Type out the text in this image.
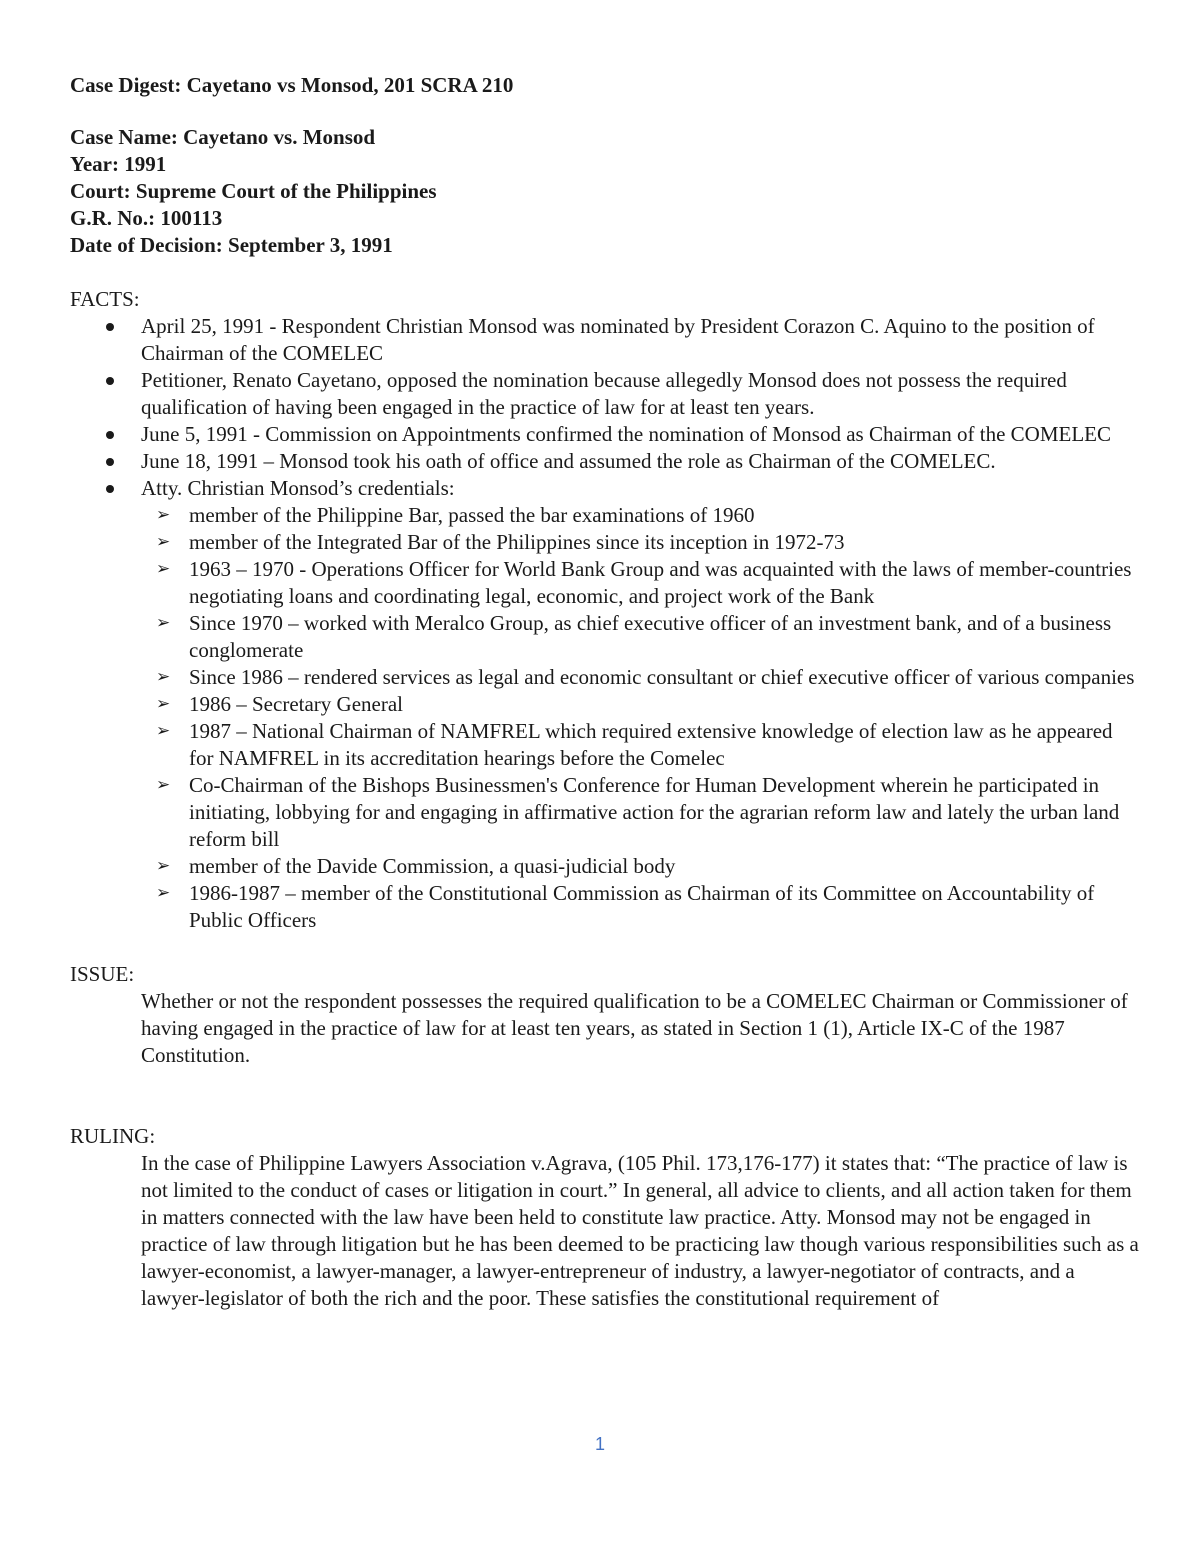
Case Digest: Cayetano vs Monsod, 201 SCRA 210
Case Name: Cayetano vs. Monsod
Year: 1991
Court: Supreme Court of the Philippines
G.R. No.: 100113
Date of Decision: September 3, 1991
FACTS:
April 25, 1991 - Respondent Christian Monsod was nominated by President Corazon C. Aquino to the position of Chairman of the COMELEC
Petitioner, Renato Cayetano, opposed the nomination because allegedly Monsod does not possess the required qualification of having been engaged in the practice of law for at least ten years.
June 5, 1991 - Commission on Appointments confirmed the nomination of Monsod as Chairman of the COMELEC
June 18, 1991 – Monsod took his oath of office and assumed the role as Chairman of the COMELEC.
Atty. Christian Monsod’s credentials:
➢ member of the Philippine Bar, passed the bar examinations of 1960
➢ member of the Integrated Bar of the Philippines since its inception in 1972-73
➢ 1963 – 1970 - Operations Officer for World Bank Group and was acquainted with the laws of member-countries negotiating loans and coordinating legal, economic, and project work of the Bank
➢ Since 1970 – worked with Meralco Group, as chief executive officer of an investment bank, and of a business conglomerate
➢ Since 1986 – rendered services as legal and economic consultant or chief executive officer of various companies
➢ 1986 – Secretary General
➢ 1987 – National Chairman of NAMFREL which required extensive knowledge of election law as he appeared for NAMFREL in its accreditation hearings before the Comelec
➢ Co-Chairman of the Bishops Businessmen's Conference for Human Development wherein he participated in initiating, lobbying for and engaging in affirmative action for the agrarian reform law and lately the urban land reform bill
➢ member of the Davide Commission, a quasi-judicial body
➢ 1986-1987 – member of the Constitutional Commission as Chairman of its Committee on Accountability of Public Officers
ISSUE:
Whether or not the respondent possesses the required qualification to be a COMELEC Chairman or Commissioner of having engaged in the practice of law for at least ten years, as stated in Section 1 (1), Article IX-C of the 1987 Constitution.
RULING:
In the case of Philippine Lawyers Association v.Agrava, (105 Phil. 173,176-177) it states that: “The practice of law is not limited to the conduct of cases or litigation in court.” In general, all advice to clients, and all action taken for them in matters connected with the law have been held to constitute law practice. Atty. Monsod may not be engaged in practice of law through litigation but he has been deemed to be practicing law though various responsibilities such as a lawyer-economist, a lawyer-manager, a lawyer-entrepreneur of industry, a lawyer-negotiator of contracts, and a lawyer-legislator of both the rich and the poor. These satisfies the constitutional requirement of
1
